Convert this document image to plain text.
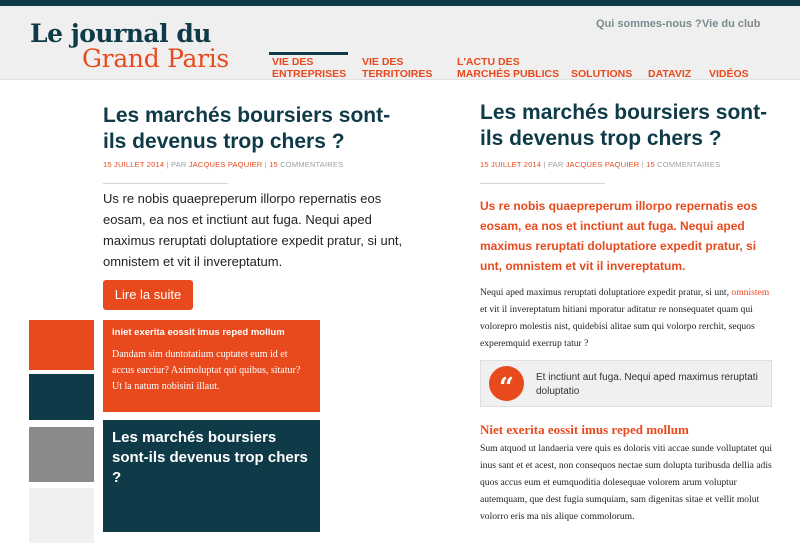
Le journal du
Grand Paris
Qui sommes-nous ? Vie du club
VIE DES
ENTREPRISES
VIE DES
TERRITOIRES
L'ACTU DES
MARCHÉS PUBLICS SOLUTIONS DATAVIZ VIDÉOS
Les marchés boursiers sont-
ils devenus trop chers ?
15 JUILLET 2014 | PAR JACQUES PAQUIER | 15 COMMENTAIRES
Us re nobis quaepreperum illorpo repernatis eos eosam, ea nos et inctiunt aut fuga. Nequi aped maximus reruptati doluptatiore expedit pratur, si unt, omnistem et vit il invereptatum.
Lire la suite
iniet exerita eossit imus reped mollum
Dandam sim duntotatium cuptatet eum id et accus earciur? Aximoluptat qui quibus, sitatur? Ut la natum nobisini illaut.
Les marchés boursiers sont-ils devenus trop chers ?
Les marchés boursiers sont-
ils devenus trop chers ?
15 JUILLET 2014 | PAR JACQUES PAQUIER | 15 COMMENTAIRES
Us re nobis quaepreperum illorpo repernatis eos eosam, ea nos et inctiunt aut fuga. Nequi aped maximus reruptati doluptatiore expedit pratur, si unt, omnistem et vit il invereptatum.
Nequi aped maximus reruptati doluptatiore expedit pratur, si unt, omnistem et vit il invereptatum hitiani mporatur aditatur re nonsequatet quam qui volorepro molestis nist, quidebisi alitae sum qui volorpo rerchit, sequos experemquid exerrup tatur ?
“	Et inctiunt aut fuga. Nequi aped maximus reruptati doluptatio
Niet exerita eossit imus reped mollum
Sum atquod ut landaeria vere quis es doloris viti accae sunde volluptatet qui inus sant et et acest, non consequos nectae sum dolupta turibusda dellia adis quos accus eum et eumquoditia dolesequae volorem arum voluptur autemquam, que dest fugia sumquiam, sam digenitas sitae et vellit molut volorro eris ma nis alique commolorum.
